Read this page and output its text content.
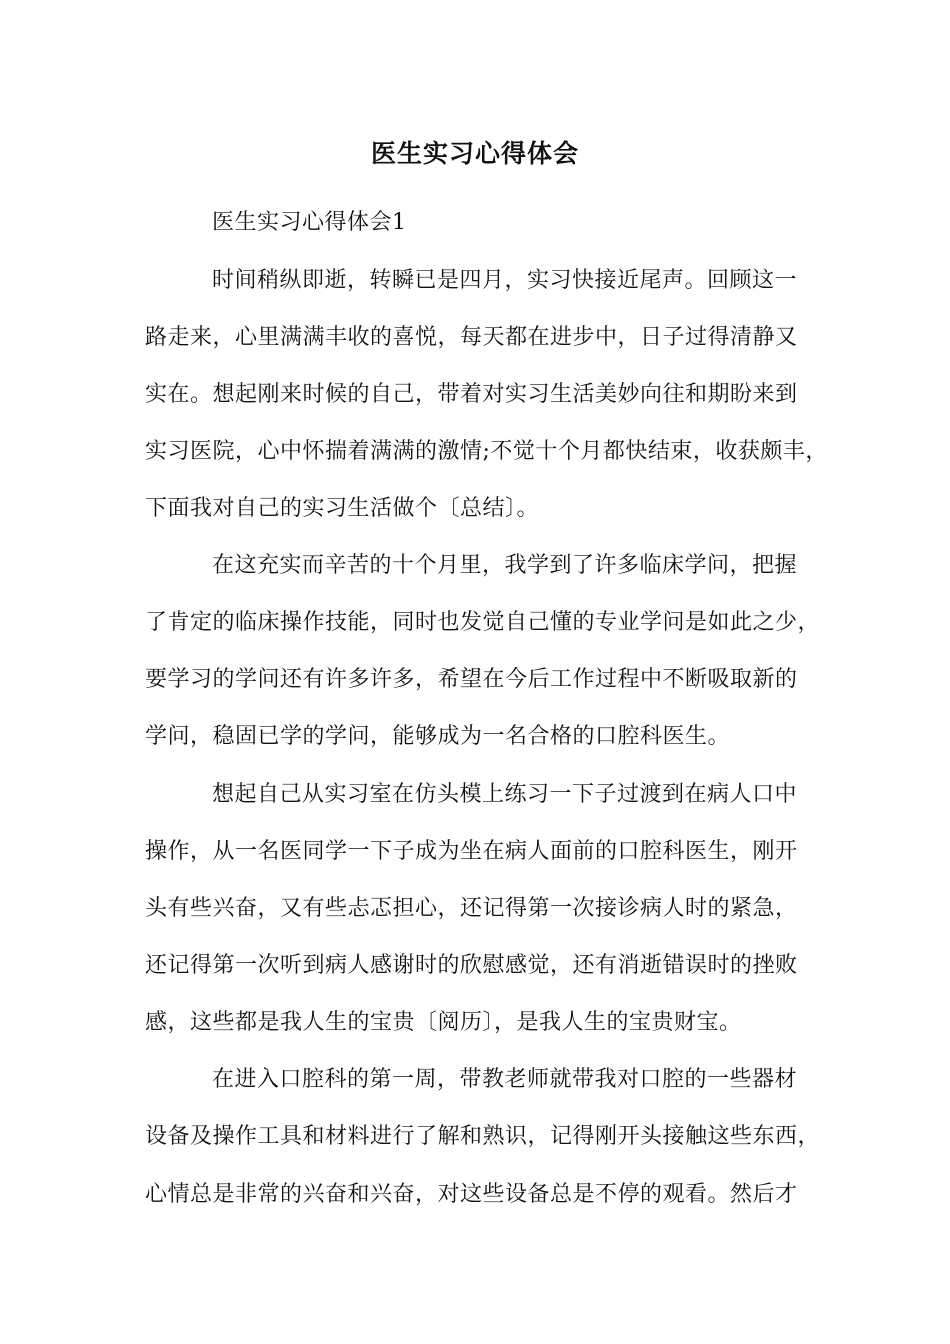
医生实习心得体会
医生实习心得体会1
时间稍纵即逝，转瞬已是四月，实习快接近尾声。回顾这一
路走来，心里满满丰收的喜悦，每天都在进步中，日子过得清静又
实在。想起刚来时候的自己，带着对实习生活美妙向往和期盼来到
实习医院，心中怀揣着满满的激情;不觉十个月都快结束，收获颇丰，
下面我对自己的实习生活做个〔总结〕。
在这充实而辛苦的十个月里，我学到了许多临床学问，把握
了肯定的临床操作技能，同时也发觉自己懂的专业学问是如此之少，
要学习的学问还有许多许多，希望在今后工作过程中不断吸取新的
学问，稳固已学的学问，能够成为一名合格的口腔科医生。
想起自己从实习室在仿头模上练习一下子过渡到在病人口中
操作，从一名医同学一下子成为坐在病人面前的口腔科医生，刚开
头有些兴奋，又有些忐忑担心，还记得第一次接诊病人时的紧急，
还记得第一次听到病人感谢时的欣慰感觉，还有消逝错误时的挫败
感，这些都是我人生的宝贵〔阅历〕，是我人生的宝贵财宝。
在进入口腔科的第一周，带教老师就带我对口腔的一些器材
设备及操作工具和材料进行了解和熟识，记得刚开头接触这些东西，
心情总是非常的兴奋和兴奋，对这些设备总是不停的观看。然后才
